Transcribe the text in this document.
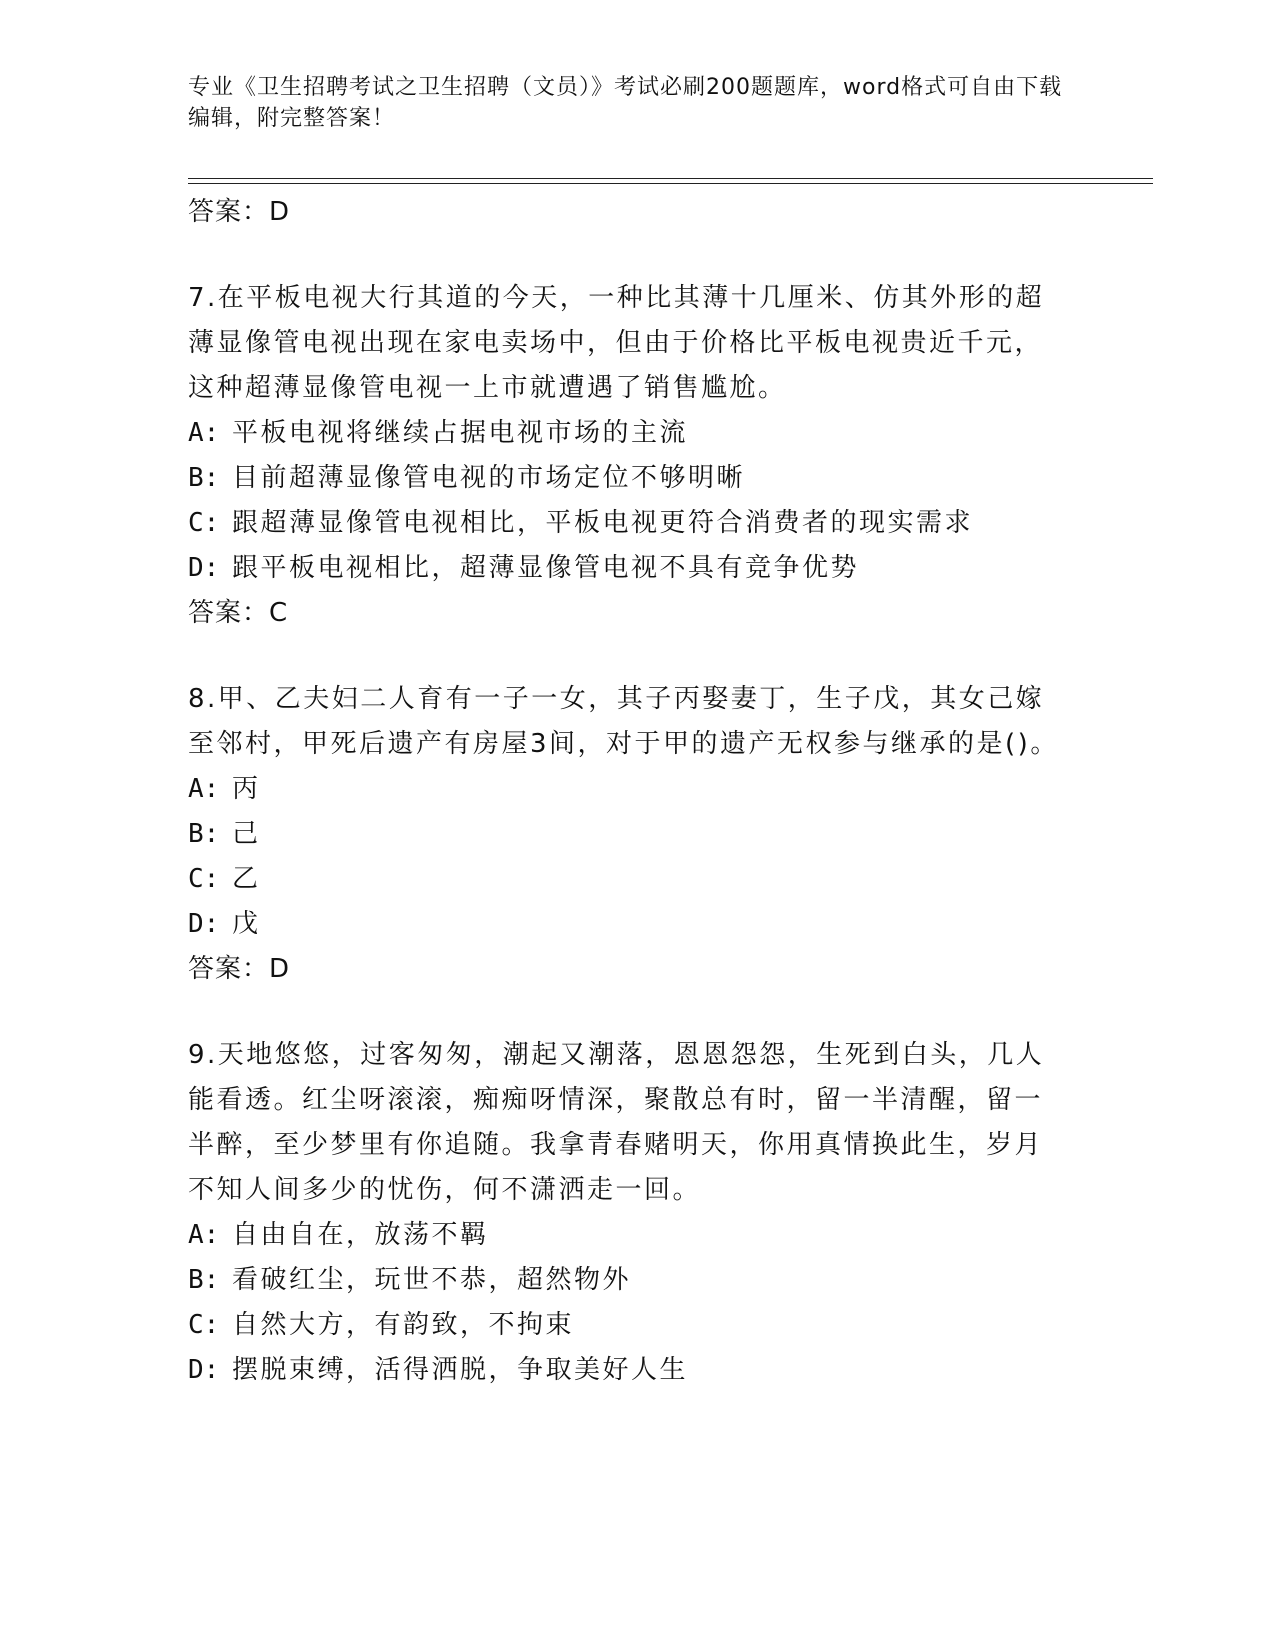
专业《卫生招聘考试之卫生招聘（文员）》考试必刷200题题库，word格式可自由下载编辑，附完整答案！

答案：D

7.在平板电视大行其道的今天，一种比其薄十几厘米、仿其外形的超薄显像管电视出现在家电卖场中，但由于价格比平板电视贵近千元，这种超薄显像管电视一上市就遭遇了销售尴尬。

A: 平板电视将继续占据电视市场的主流

B: 目前超薄显像管电视的市场定位不够明晰

C: 跟超薄显像管电视相比，平板电视更符合消费者的现实需求

D: 跟平板电视相比，超薄显像管电视不具有竞争优势

答案：C

8.甲、乙夫妇二人育有一子一女，其子丙娶妻丁，生子戊，其女己嫁至邻村，甲死后遗产有房屋3间，对于甲的遗产无权参与继承的是()。

A: 丙

B: 己

C: 乙

D: 戊

答案：D

9.天地悠悠，过客匆匆，潮起又潮落，恩恩怨怨，生死到白头，几人能看透。红尘呀滚滚，痴痴呀情深，聚散总有时，留一半清醒，留一半醉，至少梦里有你追随。我拿青春赌明天，你用真情换此生，岁月不知人间多少的忧伤，何不潇洒走一回。

A: 自由自在，放荡不羁

B: 看破红尘，玩世不恭，超然物外

C: 自然大方，有韵致，不拘束

D: 摆脱束缚，活得洒脱，争取美好人生
